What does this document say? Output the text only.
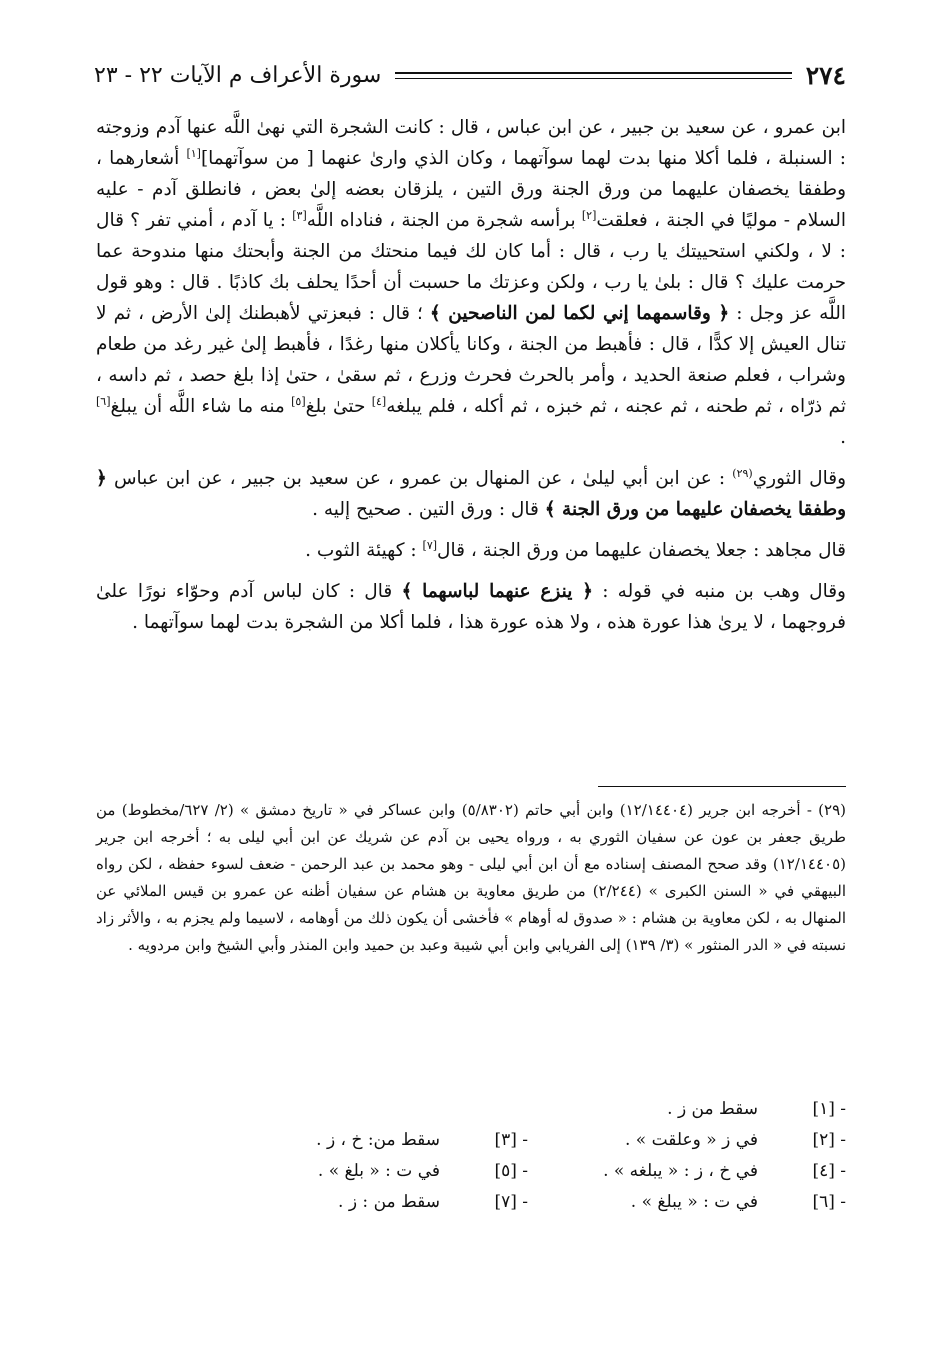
٢٧٤
سورة الأعراف م الآيات ٢٢ - ٢٣

ابن عمرو ، عن سعيد بن جبير ، عن ابن عباس ، قال : كانت الشجرة التي نهىٰ اللَّه عنها آدم وزوجته : السنبلة ، فلما أكلا منها بدت لهما سوآتهما ، وكان الذي وارىٰ عنهما [ من سوآتهما][١] أشعارهما ، وطفقا يخصفان عليهما من ورق الجنة ورق التين ، يلزقان بعضه إلىٰ بعض ، فانطلق آدم - عليه السلام - موليًا في الجنة ، فعلقت[٢] برأسه شجرة من الجنة ، فناداه اللَّه[٣] : يا آدم ، أمني تفر ؟ قال : لا ، ولكني استحييتك يا رب ، قال : أما كان لك فيما منحتك من الجنة وأبحتك منها مندوحة عما حرمت عليك ؟ قال : بلىٰ يا رب ، ولكن وعزتك ما حسبت أن أحدًا يحلف بك كاذبًا . قال : وهو قول اللَّه عز وجل : ﴿ وقاسمهما إني لكما لمن الناصحين ﴾ ؛ قال : فبعزتي لأهبطنك إلىٰ الأرض ، ثم لا تنال العيش إلا كدًّا ، قال : فأهبط من الجنة ، وكانا يأكلان منها رغدًا ، فأهبط إلىٰ غير رغد من طعام وشراب ، فعلم صنعة الحديد ، وأمر بالحرث فحرث وزرع ، ثم سقىٰ ، حتىٰ إذا بلغ حصد ، ثم داسه ، ثم ذرّاه ، ثم طحنه ، ثم عجنه ، ثم خبزه ، ثم أكله ، فلم يبلغه[٤] حتىٰ بلغ[٥] منه ما شاء اللَّه أن يبلغ[٦] .

وقال الثوري$^{(٢٩)}$ : عن ابن أبي ليلىٰ ، عن المنهال بن عمرو ، عن سعيد بن جبير ، عن ابن عباس ﴿ وطفقا يخصفان عليهما من ورق الجنة ﴾ قال : ورق التين . صحيح إليه .

قال مجاهد : جعلا يخصفان عليهما من ورق الجنة ، قال[٧] : كهيئة الثوب .

وقال وهب بن منبه في قوله : ﴿ ينزع عنهما لباسهما ﴾ قال : كان لباس آدم وحوّاء نورًا علىٰ فروجهما ، لا يرىٰ هذا عورة هذه ، ولا هذه عورة هذا ، فلما أكلا من الشجرة بدت لهما سوآتهما .

(٢٩) - أخرجه ابن جرير (١٢/١٤٤٠٤) وابن أبي حاتم (٥/٨٣٠٢) وابن عساكر في « تاريخ دمشق » (٢/ ٦٢٧/مخطوط) من طريق جعفر بن عون عن سفيان الثوري به ، ورواه يحيى بن آدم عن شريك عن ابن أبي ليلى به ؛ أخرجه ابن جرير (١٢/١٤٤٠٥) وقد صحح المصنف إسناده مع أن ابن أبي ليلى - وهو محمد بن عبد الرحمن - ضعف لسوء حفظه ، لكن رواه البيهقي في « السنن الكبرى » (٢/٢٤٤) من طريق معاوية بن هشام عن سفيان أظنه عن عمرو بن قيس الملائي عن المنهال به ، لكن معاوية بن هشام : « صدوق له أوهام » فأخشى أن يكون ذلك من أوهامه ، لاسيما ولم يجزم به ، والأثر زاد نسبته في « الدر المنثور » (٣/ ١٣٩) إلى الفريابي وابن أبي شيبة وعبد بن حميد وابن المنذر وأبي الشيخ وابن مردويه .

[١] -
سقط من ز .
[٢] -
في ز « وعلقت » .
[٣] -
سقط من: خ ، ز .
[٤] -
في خ ، ز : « يبلغه » .
[٥] -
في ت : « بلغ » .
[٦] -
في ت : « يبلغ » .
[٧] -
سقط من : ز .
